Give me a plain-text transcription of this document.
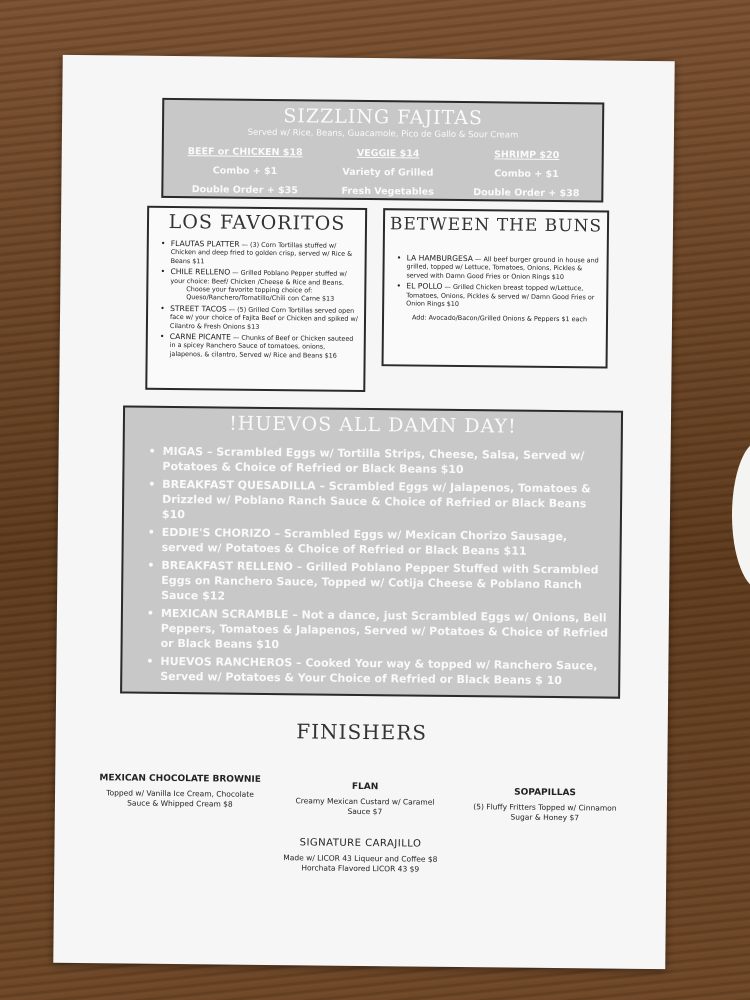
SIZZLING FAJITAS
Served w/ Rice, Beans, Guacamole, Pico de Gallo & Sour Cream
BEEF or CHICKEN $18
Combo + $1
Double Order + $35
VEGGIE $14
Variety of Grilled
Fresh Vegetables
SHRIMP $20
Combo + $1
Double Order + $38
LOS FAVORITOS
• FLAUTAS PLATTER — (3) Corn Tortillas stuffed w/ Chicken and deep fried to golden crisp, served w/ Rice & Beans $11
• CHILE RELLENO — Grilled Poblano Pepper stuffed w/ your choice: Beef/ Chicken /Cheese & Rice and Beans.
Choose your favorite topping choice of: Queso/Ranchero/Tomatillo/Chili con Carne $13
• STREET TACOS — (5) Grilled Corn Tortillas served open face w/ your choice of Fajita Beef or Chicken and spiked w/ Cilantro & Fresh Onions $13
• CARNE PICANTE — Chunks of Beef or Chicken sauteed in a spicey Ranchero Sauce of tomatoes, onions, jalapenos, & cilantro, Served w/ Rice and Beans $16
BETWEEN THE BUNS
• LA HAMBURGESA — All beef burger ground in house and grilled, topped w/ Lettuce, Tomatoes, Onions, Pickles & served with Damn Good Fries or Onion Rings $10
• EL POLLO — Grilled Chicken breast topped w/Lettuce, Tomatoes, Onions, Pickles & served w/ Damn Good Fries or Onion Rings $10
Add: Avocado/Bacon/Grilled Onions & Peppers $1 each
!HUEVOS ALL DAMN DAY!
• MIGAS – Scrambled Eggs w/ Tortilla Strips, Cheese, Salsa, Served w/ Potatoes & Choice of Refried or Black Beans $10
• BREAKFAST QUESADILLA – Scrambled Eggs w/ Jalapenos, Tomatoes & Drizzled w/ Poblano Ranch Sauce & Choice of Refried or Black Beans $10
• EDDIE'S CHORIZO – Scrambled Eggs w/ Mexican Chorizo Sausage, served w/ Potatoes & Choice of Refried or Black Beans $11
• BREAKFAST RELLENO – Grilled Poblano Pepper Stuffed with Scrambled Eggs on Ranchero Sauce, Topped w/ Cotija Cheese & Poblano Ranch Sauce $12
• MEXICAN SCRAMBLE – Not a dance, just Scrambled Eggs w/ Onions, Bell Peppers, Tomatoes & Jalapenos, Served w/ Potatoes & Choice of Refried or Black Beans $10
• HUEVOS RANCHEROS – Cooked Your way & topped w/ Ranchero Sauce, Served w/ Potatoes & Your Choice of Refried or Black Beans $ 10
FINISHERS
MEXICAN CHOCOLATE BROWNIE
Topped w/ Vanilla Ice Cream, Chocolate Sauce & Whipped Cream $8
FLAN
Creamy Mexican Custard w/ Caramel Sauce $7
SOPAPILLAS
(5) Fluffy Fritters Topped w/ Cinnamon Sugar & Honey $7
SIGNATURE CARAJILLO
Made w/ LICOR 43 Liqueur and Coffee $8
Horchata Flavored LICOR 43 $9
